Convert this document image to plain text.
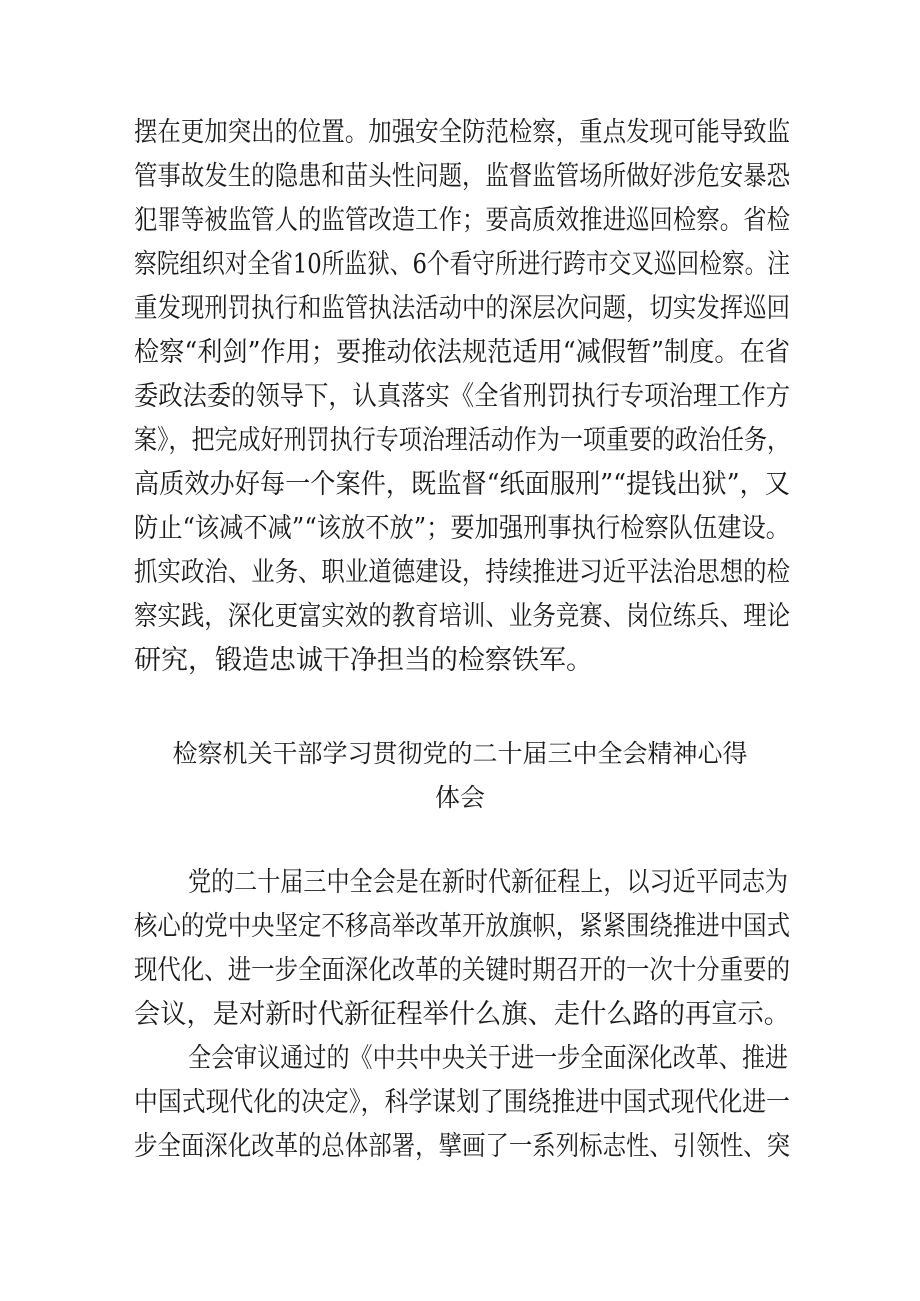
摆在更加突出的位置。加强安全防范检察，重点发现可能导致监
管事故发生的隐患和苗头性问题，监督监管场所做好涉危安暴恐
犯罪等被监管人的监管改造工作；要高质效推进巡回检察。省检
察院组织对全省10所监狱、6个看守所进行跨市交叉巡回检察。注
重发现刑罚执行和监管执法活动中的深层次问题，切实发挥巡回
检察“利剑”作用；要推动依法规范适用“减假暂”制度。在省
委政法委的领导下，认真落实《全省刑罚执行专项治理工作方
案》，把完成好刑罚执行专项治理活动作为一项重要的政治任务，
高质效办好每一个案件，既监督“纸面服刑”“提钱出狱”，又
防止“该减不减”“该放不放”；要加强刑事执行检察队伍建设。
抓实政治、业务、职业道德建设，持续推进习近平法治思想的检
察实践，深化更富实效的教育培训、业务竞赛、岗位练兵、理论
研究，锻造忠诚干净担当的检察铁军。
检察机关干部学习贯彻党的二十届三中全会精神心得
体会
党的二十届三中全会是在新时代新征程上，以习近平同志为
核心的党中央坚定不移高举改革开放旗帜，紧紧围绕推进中国式
现代化、进一步全面深化改革的关键时期召开的一次十分重要的
会议，是对新时代新征程举什么旗、走什么路的再宣示。
全会审议通过的《中共中央关于进一步全面深化改革、推进
中国式现代化的决定》，科学谋划了围绕推进中国式现代化进一
步全面深化改革的总体部署，擘画了一系列标志性、引领性、突
